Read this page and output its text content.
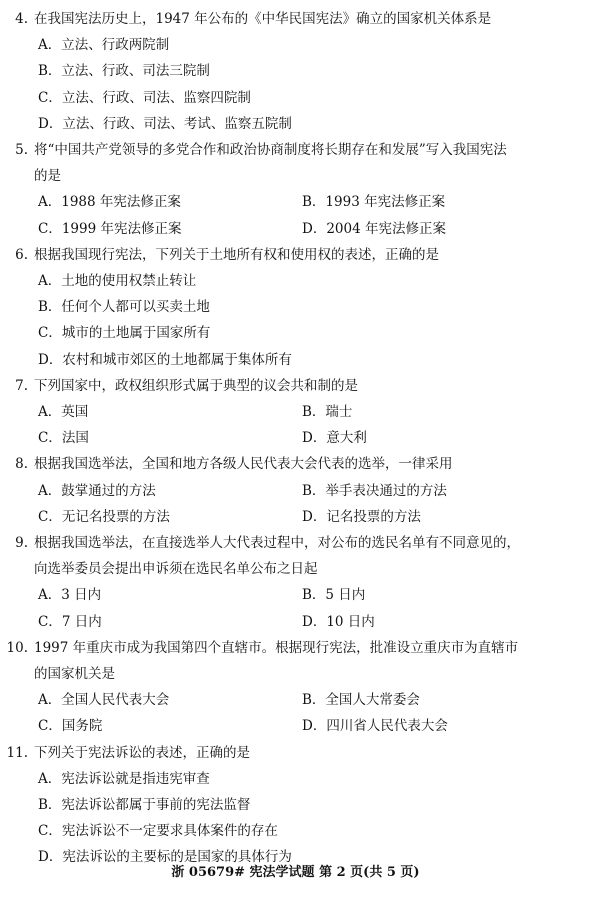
4. 在我国宪法历史上，1947 年公布的《中华民国宪法》确立的国家机关体系是
A．立法、行政两院制
B．立法、行政、司法三院制
C．立法、行政、司法、监察四院制
D．立法、行政、司法、考试、监察五院制
5. 将“中国共产党领导的多党合作和政治协商制度将长期存在和发展”写入我国宪法
的是
A．1988 年宪法修正案	B．1993 年宪法修正案
C．1999 年宪法修正案	D．2004 年宪法修正案
6. 根据我国现行宪法，下列关于土地所有权和使用权的表述，正确的是
A．土地的使用权禁止转让
B．任何个人都可以买卖土地
C．城市的土地属于国家所有
D．农村和城市郊区的土地都属于集体所有
7. 下列国家中，政权组织形式属于典型的议会共和制的是
A．英国	B．瑞士
C．法国	D．意大利
8. 根据我国选举法，全国和地方各级人民代表大会代表的选举，一律采用
A．鼓掌通过的方法	B．举手表决通过的方法
C．无记名投票的方法	D．记名投票的方法
9. 根据我国选举法，在直接选举人大代表过程中，对公布的选民名单有不同意见的，
向选举委员会提出申诉须在选民名单公布之日起
A．3 日内	B．5 日内
C．7 日内	D．10 日内
10. 1997 年重庆市成为我国第四个直辖市。根据现行宪法，批准设立重庆市为直辖市
的国家机关是
A．全国人民代表大会	B．全国人大常委会
C．国务院	D．四川省人民代表大会
11. 下列关于宪法诉讼的表述，正确的是
A．宪法诉讼就是指违宪审查
B．宪法诉讼都属于事前的宪法监督
C．宪法诉讼不一定要求具体案件的存在
D．宪法诉讼的主要标的是国家的具体行为
浙 05679# 宪法学试题 第 2 页(共 5 页)
